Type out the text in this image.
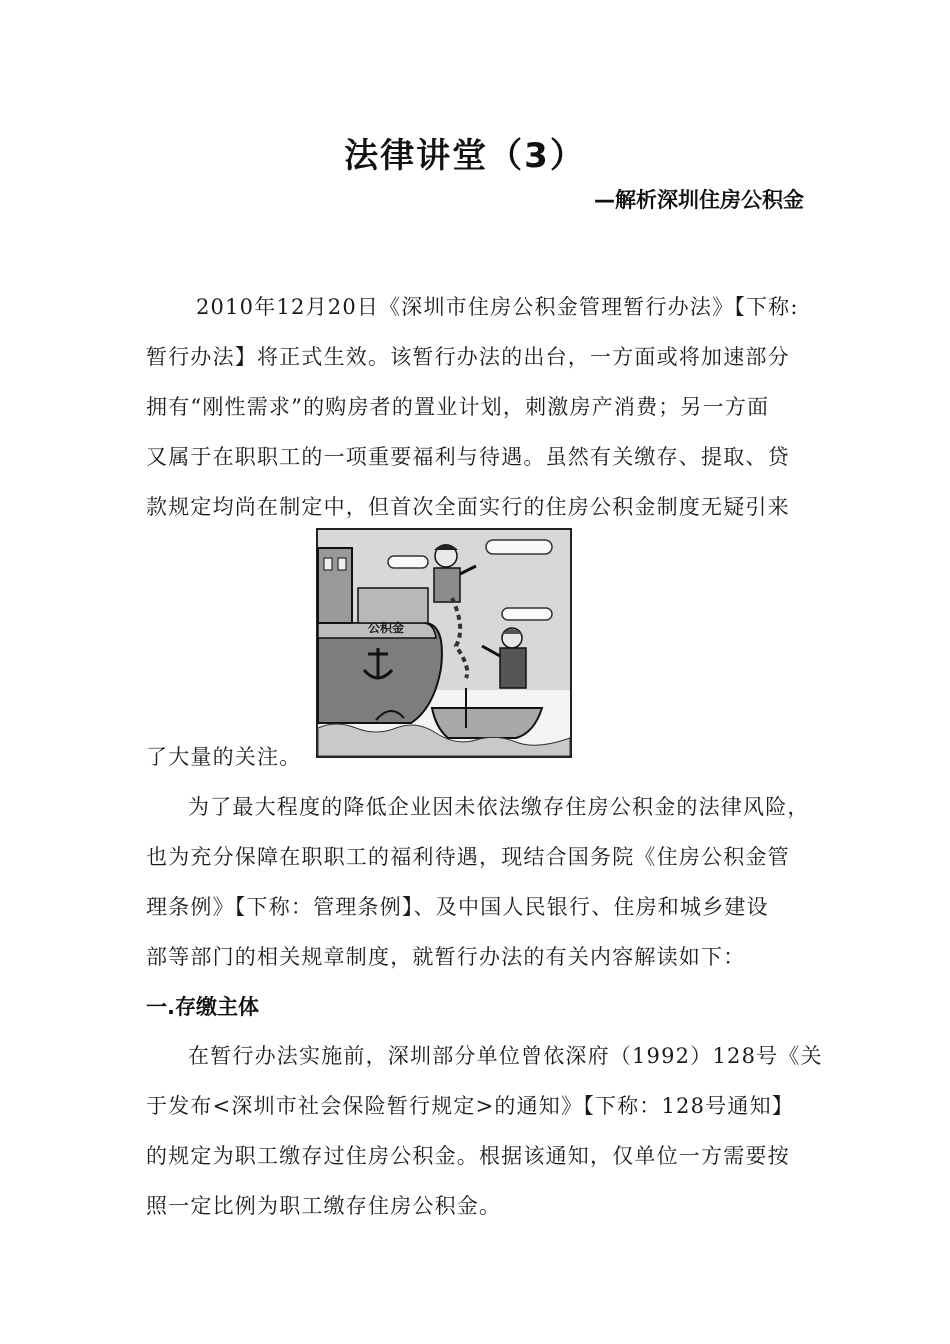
法律讲堂（3）
—解析深圳住房公积金
2010年12月20日《深圳市住房公积金管理暂行办法》【下称:
暂行办法】将正式生效。该暂行办法的出台，一方面或将加速部分
拥有“刚性需求”的购房者的置业计划，刺激房产消费；另一方面
又属于在职职工的一项重要福利与待遇。虽然有关缴存、提取、贷
款规定均尚在制定中，但首次全面实行的住房公积金制度无疑引来
了大量的关注。
公积金
为了最大程度的降低企业因未依法缴存住房公积金的法律风险，
也为充分保障在职职工的福利待遇，现结合国务院《住房公积金管
理条例》【下称：管理条例】、及中国人民银行、住房和城乡建设
部等部门的相关规章制度，就暂行办法的有关内容解读如下：
一.存缴主体
在暂行办法实施前，深圳部分单位曾依深府（1992）128号《关
于发布<深圳市社会保险暂行规定>的通知》【下称：128号通知】
的规定为职工缴存过住房公积金。根据该通知，仅单位一方需要按
照一定比例为职工缴存住房公积金。
